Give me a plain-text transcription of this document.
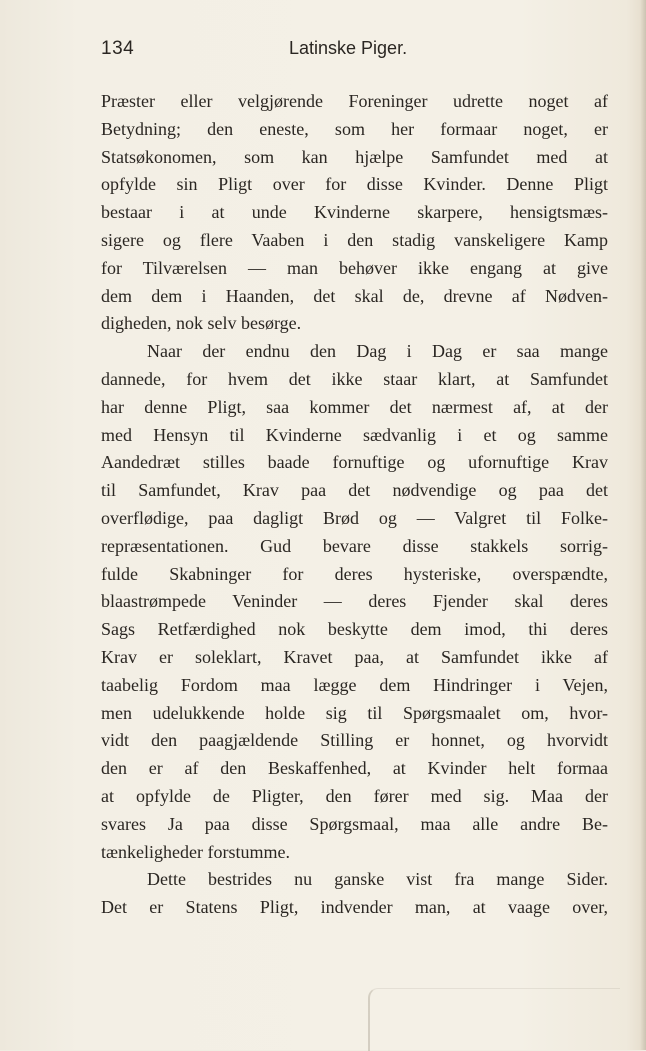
134	Latinske Piger.
Præster eller velgjørende Foreninger udrette noget af
Betydning; den eneste, som her formaar noget, er
Statsøkonomen, som kan hjælpe Samfundet med at
opfylde sin Pligt over for disse Kvinder. Denne Pligt
bestaar i at unde Kvinderne skarpere, hensigtsmæs-
sigere og flere Vaaben i den stadig vanskeligere Kamp
for Tilværelsen — man behøver ikke engang at give
dem dem i Haanden, det skal de, drevne af Nødven-
digheden, nok selv besørge.
Naar der endnu den Dag i Dag er saa mange
dannede, for hvem det ikke staar klart, at Samfundet
har denne Pligt, saa kommer det nærmest af, at der
med Hensyn til Kvinderne sædvanlig i et og samme
Aandedræt stilles baade fornuftige og ufornuftige Krav
til Samfundet, Krav paa det nødvendige og paa det
overflødige, paa dagligt Brød og — Valgret til Folke-
repræsentationen. Gud bevare disse stakkels sorrig-
fulde Skabninger for deres hysteriske, overspændte,
blaastrømpede Veninder — deres Fjender skal deres
Sags Retfærdighed nok beskytte dem imod, thi deres
Krav er soleklart, Kravet paa, at Samfundet ikke af
taabelig Fordom maa lægge dem Hindringer i Vejen,
men udelukkende holde sig til Spørgsmaalet om, hvor-
vidt den paagjældende Stilling er honnet, og hvorvidt
den er af den Beskaffenhed, at Kvinder helt formaa
at opfylde de Pligter, den fører med sig. Maa der
svares Ja paa disse Spørgsmaal, maa alle andre Be-
tænkeligheder forstumme.
Dette bestrides nu ganske vist fra mange Sider.
Det er Statens Pligt, indvender man, at vaage over,
